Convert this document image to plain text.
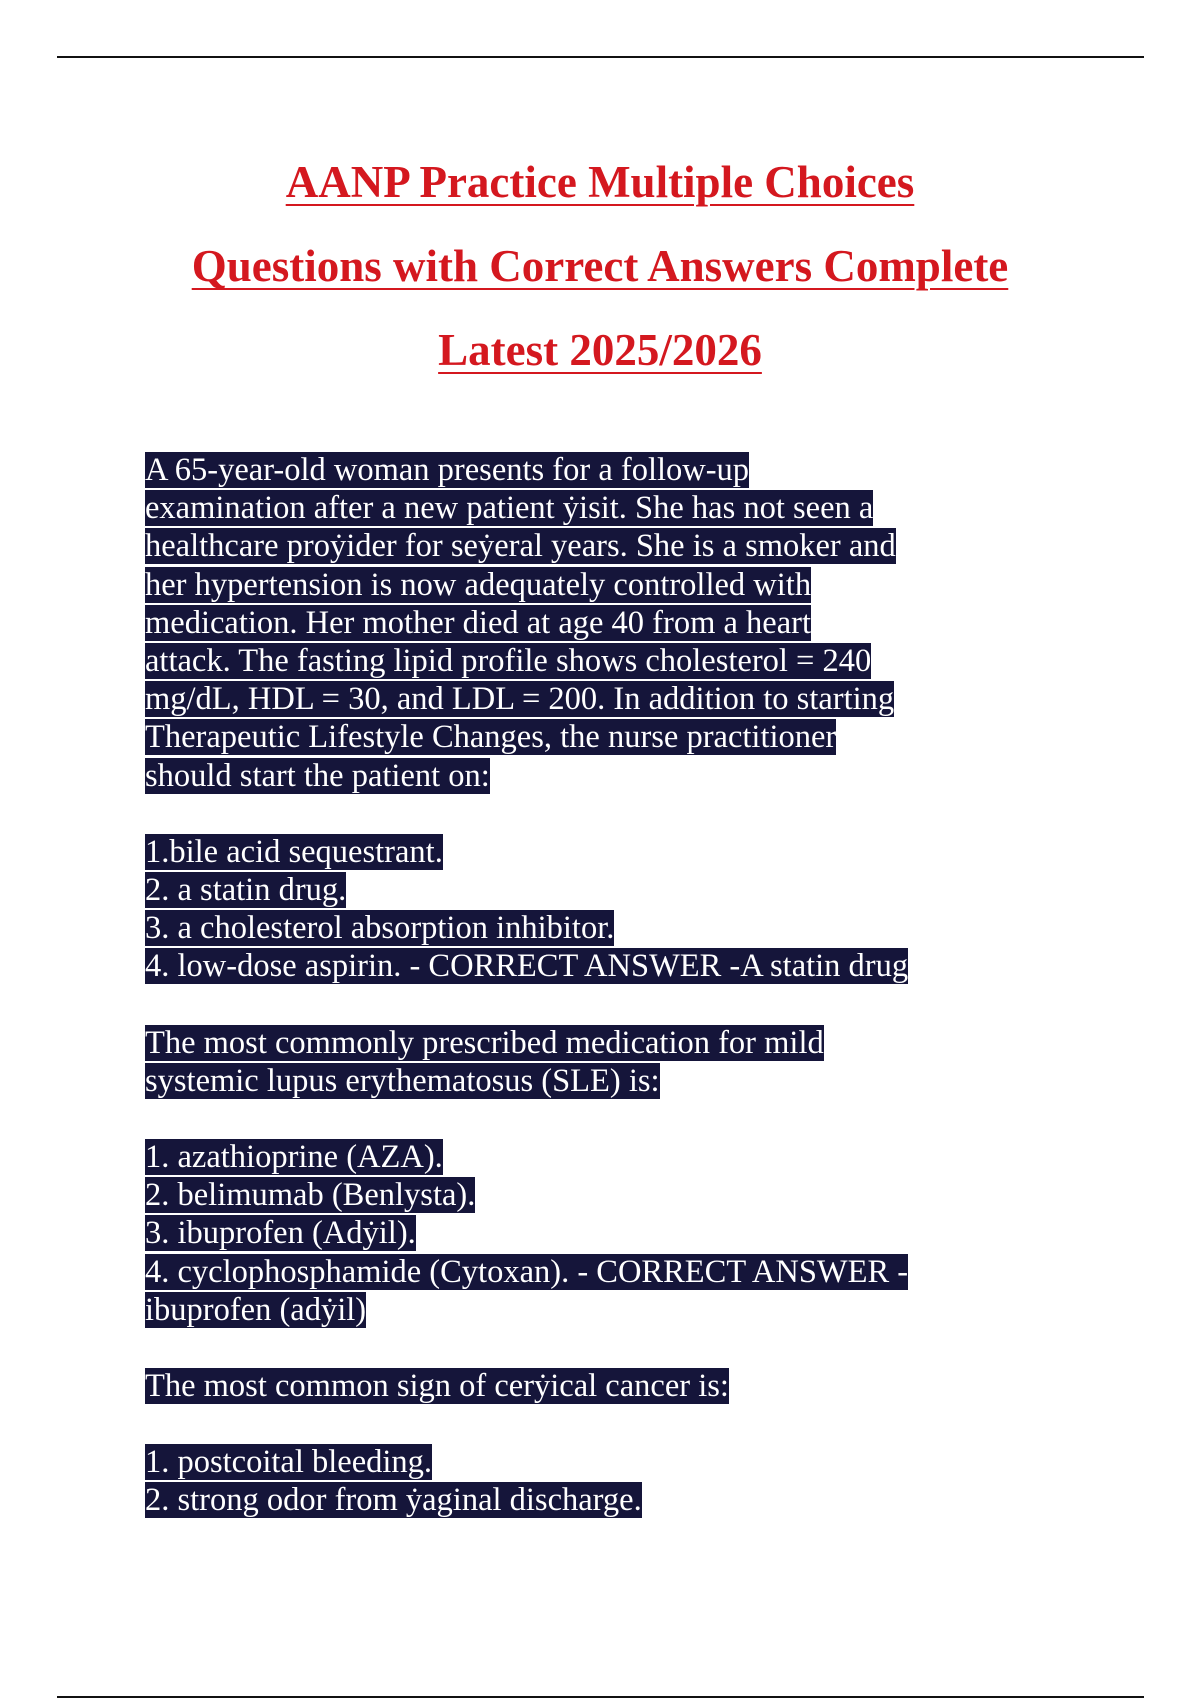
AANP Practice Multiple Choices
Questions with Correct Answers Complete
Latest 2025/2026
A 65-year-old woman presents for a follow-up
examination after a new patient ẏisit. She has not seen a
healthcare proẏider for seẏeral years. She is a smoker and
her hypertension is now adequately controlled with
medication. Her mother died at age 40 from a heart
attack. The fasting lipid profile shows cholesterol = 240
mg/dL, HDL = 30, and LDL = 200. In addition to starting
Therapeutic Lifestyle Changes, the nurse practitioner
should start the patient on:
1.bile acid sequestrant.
2. a statin drug.
3. a cholesterol absorption inhibitor.
4. low-dose aspirin. - CORRECT ANSWER -A statin drug
The most commonly prescribed medication for mild
systemic lupus erythematosus (SLE) is:
1. azathioprine (AZA).
2. belimumab (Benlysta).
3. ibuprofen (Adẏil).
4. cyclophosphamide (Cytoxan). - CORRECT ANSWER -
ibuprofen (adẏil)
The most common sign of cerẏical cancer is:
1. postcoital bleeding.
2. strong odor from ẏaginal discharge.
